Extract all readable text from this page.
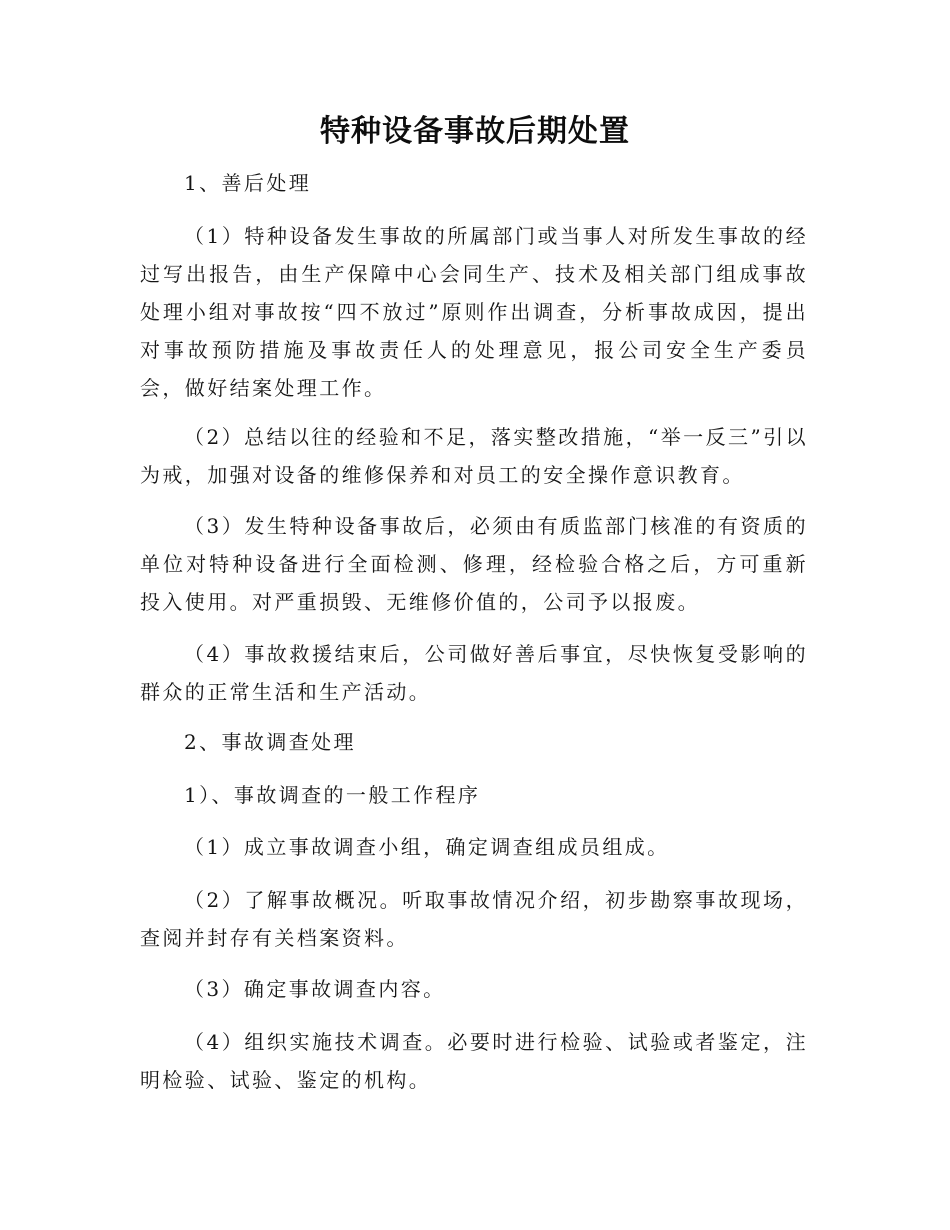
特种设备事故后期处置

1、善后处理

（1）特种设备发生事故的所属部门或当事人对所发生事故的经过写出报告，由生产保障中心会同生产、技术及相关部门组成事故处理小组对事故按“四不放过”原则作出调查，分析事故成因，提出对事故预防措施及事故责任人的处理意见，报公司安全生产委员会，做好结案处理工作。

（2）总结以往的经验和不足，落实整改措施，“举一反三”引以为戒，加强对设备的维修保养和对员工的安全操作意识教育。

（3）发生特种设备事故后，必须由有质监部门核准的有资质的单位对特种设备进行全面检测、修理，经检验合格之后，方可重新投入使用。对严重损毁、无维修价值的，公司予以报废。

（4）事故救援结束后，公司做好善后事宜，尽快恢复受影响的群众的正常生活和生产活动。

2、事故调查处理

1）、事故调查的一般工作程序

（1）成立事故调查小组，确定调查组成员组成。

（2）了解事故概况。听取事故情况介绍，初步勘察事故现场，查阅并封存有关档案资料。

（3）确定事故调查内容。

（4）组织实施技术调查。必要时进行检验、试验或者鉴定，注明检验、试验、鉴定的机构。
